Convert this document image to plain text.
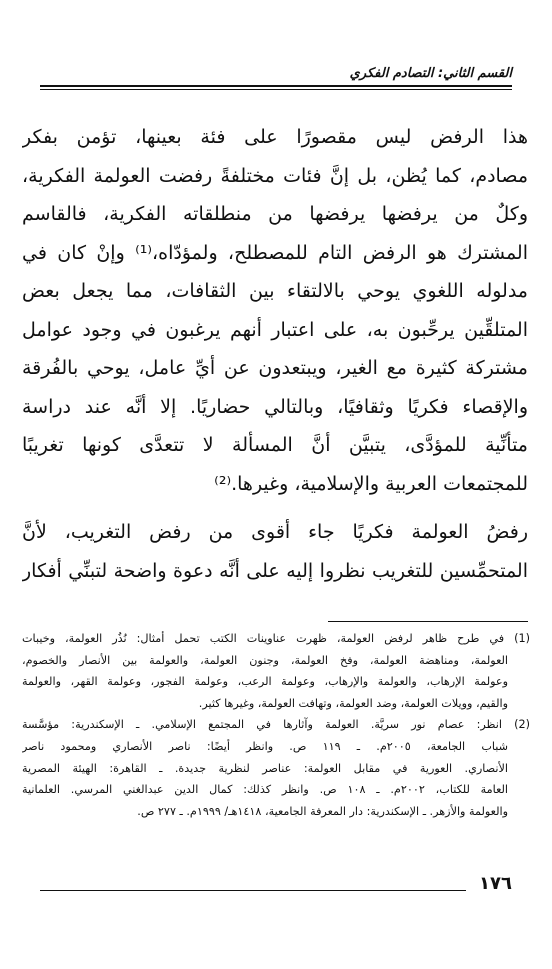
القسم الثاني: التصادم الفكري
هذا الرفض ليس مقصورًا على فئة بعينها، تؤمن بفكر
مصادم، كما يُظن، بل إنَّ فئات مختلفةً رفضت العولمة الفكرية،
وكلٌ من يرفضها يرفضها من منطلقاته الفكرية، فالقاسم
المشترك هو الرفض التام للمصطلح، ولمؤدّاه،⁽¹⁾ وإنْ كان في
مدلوله اللغوي يوحي بالالتقاء بين الثقافات، مما يجعل بعض
المتلقِّين يرحِّبون به، على اعتبار أنهم يرغبون في وجود عوامل
مشتركة كثيرة مع الغير، ويبتعدون عن أيِّ عامل، يوحي بالفُرقة
والإقصاء فكريًا وثقافيًا، وبالتالي حضاريًا. إلا أنَّه عند دراسة
متأنِّية للمؤدَّى، يتبيَّن أنَّ المسألة لا تتعدَّى كونها تغريبًا
للمجتمعات العربية والإسلامية، وغيرها.⁽²⁾
رفضُ العولمة فكريًا جاء أقوى من رفض التغريب، لأنَّ
المتحمِّسين للتغريب نظروا إليه على أنَّه دعوة واضحة لتبنِّي أفكار
(1) في طرح ظاهر لرفض العولمة، ظهرت عناوينات الكتب تحمل أمثال: نُذُر العولمة، وخيبات
العولمة، ومناهضة العولمة، وفخ العولمة، وجنون العولمة، والعولمة بين الأنصار والخصوم،
وعولمة الإرهاب، والعولمة والإرهاب، وعولمة الرعب، وعولمة الفجور، وعولمة القهر، والعولمة
والقيم، وويلات العولمة، وضد العولمة، وتهافت العولمة، وغيرها كثير.
(2) انظر: عصام نور سريَّة. العولمة وآثارها في المجتمع الإسلامي. ـ الإسكندرية: مؤسَّسة
شباب الجامعة، ٢٠٠٥م. ـ ١١٩ ص. وانظر أيضًا: ناصر الأنصاري ومحمود ناصر
الأنصاري. العورية في مقابل العولمة: عناصر لنظرية جديدة. ـ القاهرة: الهيئة المصرية
العامة للكتاب، ٢٠٠٢م. ـ ١٠٨ ص. وانظر كذلك: كمال الدين عبدالغني المرسي. العلمانية
والعولمة والأزهر. ـ الإسكندرية: دار المعرفة الجامعية، ١٤١٨هـ/ ١٩٩٩م. ـ ٢٧٧ ص.
١٧٦
